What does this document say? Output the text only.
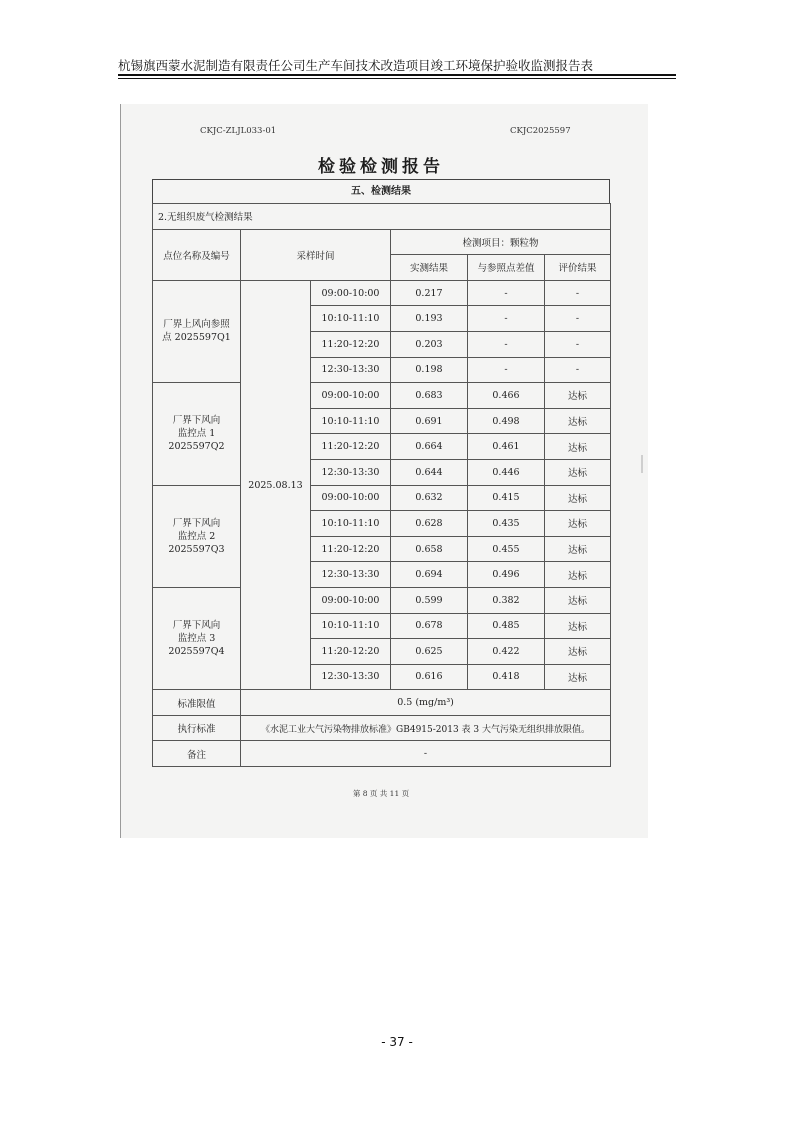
杭锡旗西蒙水泥制造有限责任公司生产车间技术改造项目竣工环境保护验收监测报告表
CKJC-ZLJL033-01	CKJC2025597
检验检测报告
五、检测结果
2.无组织废气检测结果					
点位名称及编号	采样时间		检测项目：颗粒物		
			实测结果	与参照点差值	评价结果

厂界上风向参照
点 2025597Q1	2025.08.13	09:00-10:00	0.217	-	-
		10:10-11:10	0.193	-	-
		11:20-12:20	0.203	-	-
		12:30-13:30	0.198	-	-

厂界下风向
监控点 1
2025597Q2		09:00-10:00	0.683	0.466	达标
		10:10-11:10	0.691	0.498	达标
		11:20-12:20	0.664	0.461	达标
		12:30-13:30	0.644	0.446	达标

厂界下风向
监控点 2
2025597Q3		09:00-10:00	0.632	0.415	达标
		10:10-11:10	0.628	0.435	达标
		11:20-12:20	0.658	0.455	达标
		12:30-13:30	0.694	0.496	达标

厂界下风向
监控点 3
2025597Q4		09:00-10:00	0.599	0.382	达标
		10:10-11:10	0.678	0.485	达标
		11:20-12:20	0.625	0.422	达标
		12:30-13:30	0.616	0.418	达标
标准限值	0.5 (mg/m³)				
执行标准	《水泥工业大气污染物排放标准》GB4915-2013 表 3 大气污染无组织排放限值。				
备注	-				
第 8 页 共 11 页
- 37 -
